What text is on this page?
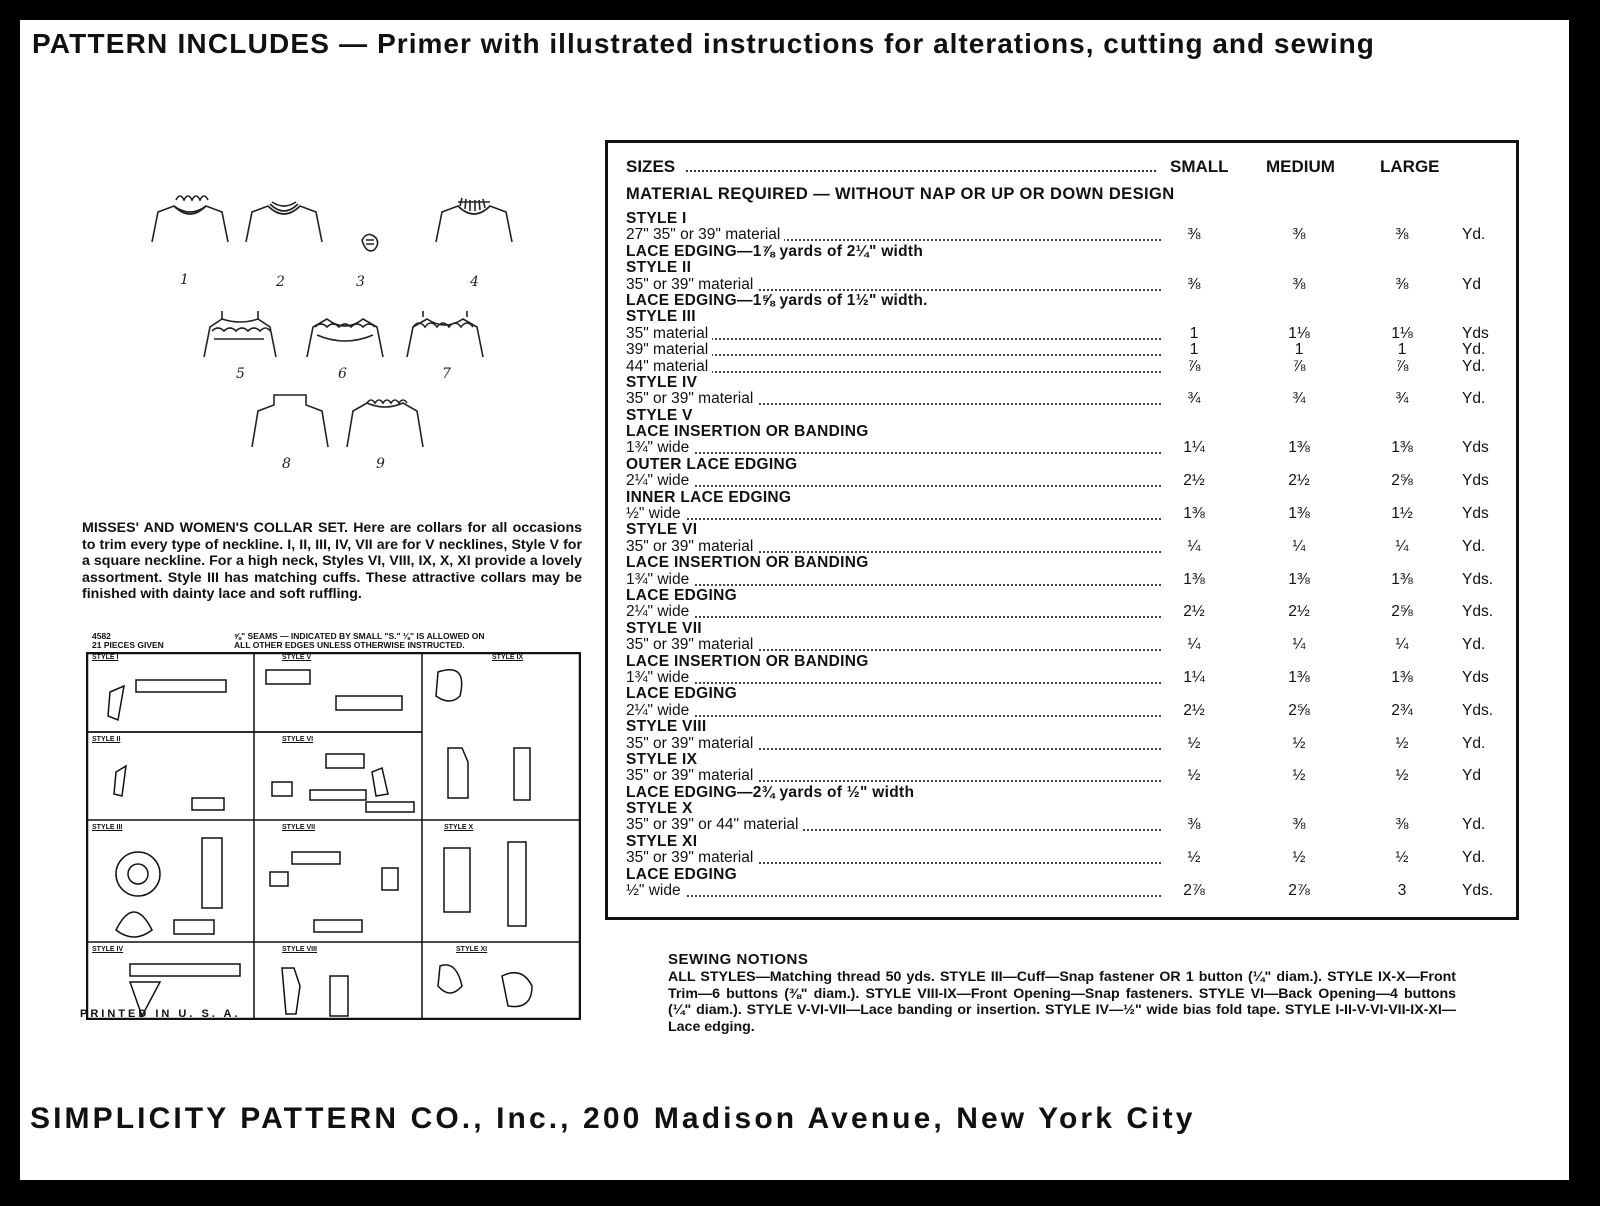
PATTERN INCLUDES — Primer with illustrated instructions for alterations, cutting and sewing
1	2	3	4
5	6	7
8	9
MISSES' AND WOMEN'S COLLAR SET. Here are collars for all occasions to trim every type of neckline. I, II, III, IV, VII are for V necklines, Style V for a square neckline. For a high neck, Styles VI, VIII, IX, X, XI provide a lovely assortment. Style III has matching cuffs. These attractive collars may be finished with dainty lace and soft ruffling.
4582
21 PIECES GIVEN
⅝" SEAMS — INDICATED BY SMALL "S." ⅛" IS ALLOWED ON
ALL OTHER EDGES UNLESS OTHERWISE INSTRUCTED.
STYLE I	STYLE V	STYLE IX
STYLE II	STYLE VI
STYLE III	STYLE VII	STYLE X
STYLE IV	STYLE VIII	STYLE XI
PRINTED IN U. S. A.
SIZES	SMALL MEDIUM	LARGE
MATERIAL REQUIRED — WITHOUT NAP OR UP OR DOWN DESIGN
STYLE I
27" 35" or 39" material	⅜	⅜	⅜	Yd.
LACE EDGING—1⅞ yards of 2¼" width
STYLE II
35" or 39" material	⅜	⅜	⅜	Yd
LACE EDGING—1⅝ yards of 1½" width.
STYLE III
35" material	1	1⅛	1⅛	Yds
39" material	1	1	1	Yd.
44" material	⅞	⅞	⅞	Yd.
STYLE IV
35" or 39" material	¾	¾	¾	Yd.
STYLE V
LACE INSERTION OR BANDING
1¾" wide	1¼	1⅜	1⅜	Yds
OUTER LACE EDGING
2¼" wide	2½	2½	2⅝	Yds
INNER LACE EDGING
½" wide	1⅜	1⅜	1½	Yds
STYLE VI
35" or 39" material	¼	¼	¼	Yd.
LACE INSERTION OR BANDING
1¾" wide	1⅜	1⅜	1⅜	Yds.
LACE EDGING
2¼" wide	2½	2½	2⅝	Yds.
STYLE VII
35" or 39" material	¼	¼	¼	Yd.
LACE INSERTION OR BANDING
1¾" wide	1¼	1⅜	1⅜	Yds
LACE EDGING
2¼" wide	2½	2⅝	2¾	Yds.
STYLE VIII
35" or 39" material	½	½	½	Yd.
STYLE IX
35" or 39" material	½	½	½	Yd
LACE EDGING—2¾ yards of ½" width
STYLE X
35" or 39" or 44" material	⅜	⅜	⅜	Yd.
STYLE XI
35" or 39" material	½	½	½	Yd.
LACE EDGING
½" wide	2⅞	2⅞	3	Yds.
SEWING NOTIONS
ALL STYLES—Matching thread 50 yds. STYLE III—Cuff—Snap fastener OR 1 button (¼" diam.). STYLE IX-X—Front Trim—6 buttons (⅜" diam.). STYLE VIII-IX—Front Opening—Snap fasteners. STYLE VI—Back Opening—4 buttons (¼" diam.). STYLE V-VI-VII—Lace banding or insertion. STYLE IV—½" wide bias fold tape. STYLE I-II-V-VI-VII-IX-XI—Lace edging.
SIMPLICITY PATTERN CO., Inc., 200 Madison Avenue, New York City
